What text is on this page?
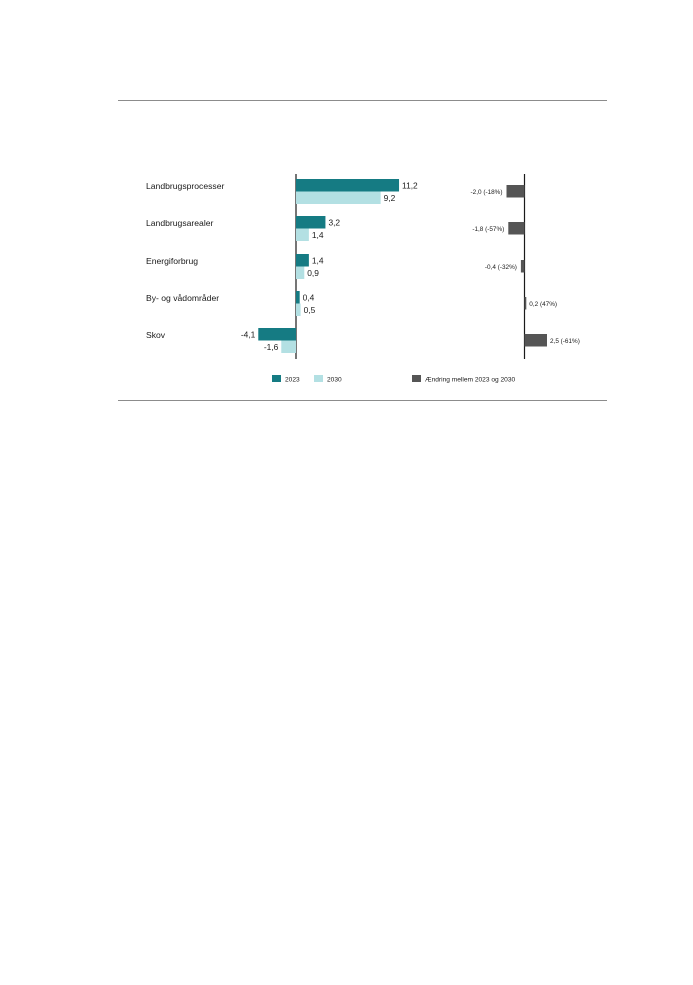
Landbrugsprocesser	11,2
9,2
-2,0 (-18%)
Landbrugsarealer	3,2
1,4
-1,8 (-57%)
Energiforbrug	1,4
0,9
-0,4 (-32%)
By- og vådområder	0,4
0,5
0,2 (47%)
Skov	-4,1
-1,6
2,5 (-61%)
2023	2030	Ændring mellem 2023 og 2030
